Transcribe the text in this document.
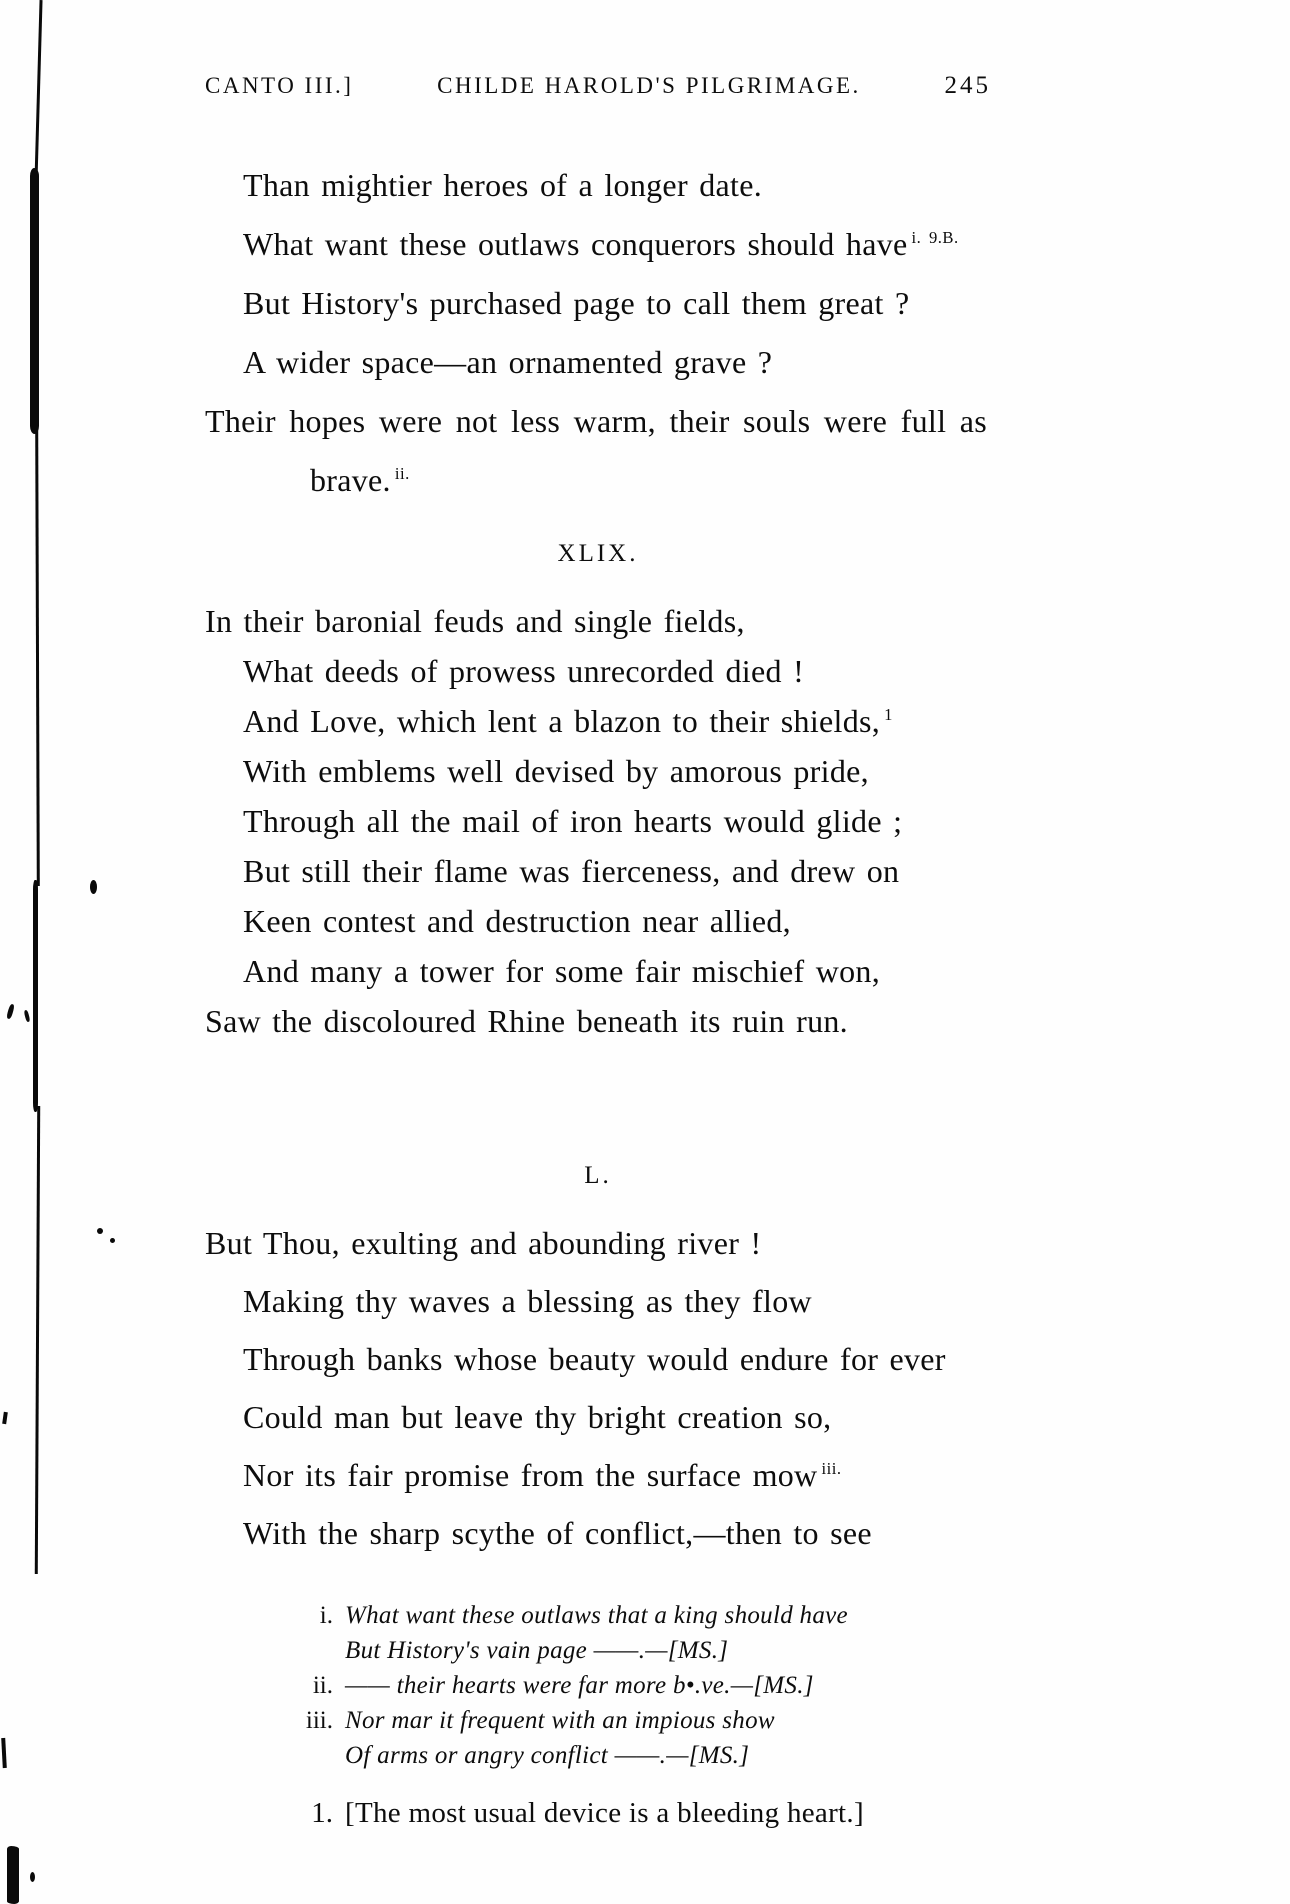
CANTO III.]	CHILDE HAROLD'S PILGRIMAGE.	245
Than mightier heroes of a longer date.
What want these outlaws conquerors should have $^{i. 9.B.}$
But History's purchased page to call them great ?
A wider space—an ornamented grave ?
Their hopes were not less warm, their souls were full as
brave. $^{ii.}$
XLIX.
In their baronial feuds and single fields,
What deeds of prowess unrecorded died !
And Love, which lent a blazon to their shields, $^1$
With emblems well devised by amorous pride,
Through all the mail of iron hearts would glide ;
But still their flame was fierceness, and drew on
Keen contest and destruction near allied,
And many a tower for some fair mischief won,
Saw the discoloured Rhine beneath its ruin run.
L.
But Thou, exulting and abounding river !
Making thy waves a blessing as they flow
Through banks whose beauty would endure for ever
Could man but leave thy bright creation so,
Nor its fair promise from the surface mow $^{iii.}$
With the sharp scythe of conflict,—then to see
i. What want these outlaws that a king should have
But History's vain page ——.—[MS.]
ii. —— their hearts were far more b•.ve.—[MS.]
iii. Nor mar it frequent with an impious show
Of arms or angry conflict ——.—[MS.]
1. [The most usual device is a bleeding heart.]
